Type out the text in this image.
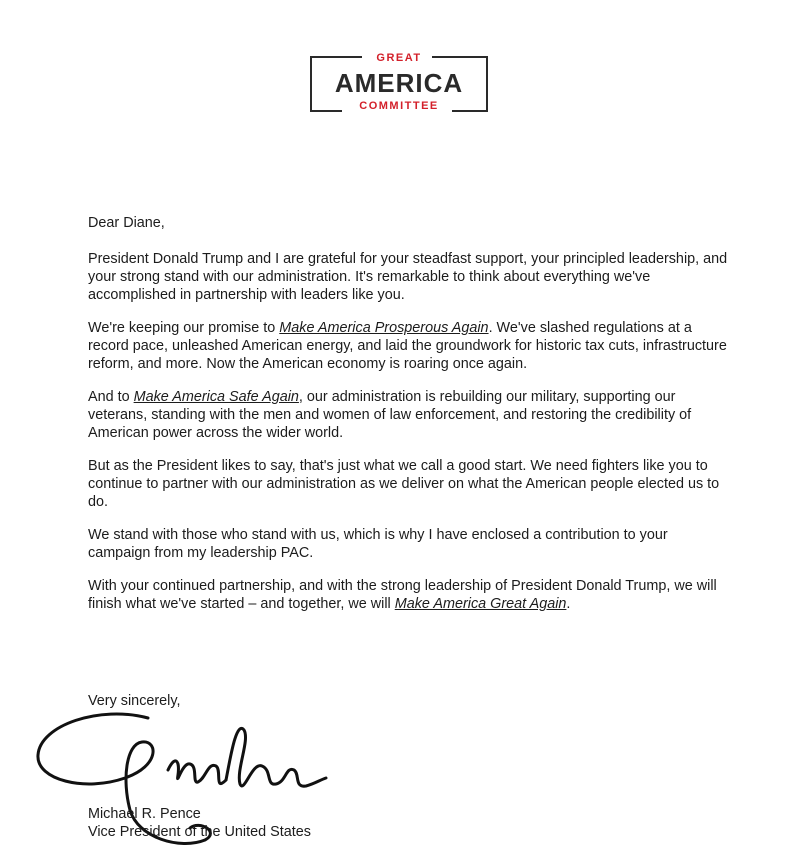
GREAT
AMERICA
COMMITTEE

Dear Diane,

President Donald Trump and I are grateful for your steadfast support, your principled leadership, and your strong stand with our administration. It's remarkable to think about everything we've accomplished in partnership with leaders like you.

We're keeping our promise to Make America Prosperous Again. We've slashed regulations at a record pace, unleashed American energy, and laid the groundwork for historic tax cuts, infrastructure reform, and more. Now the American economy is roaring once again.

And to Make America Safe Again, our administration is rebuilding our military, supporting our veterans, standing with the men and women of law enforcement, and restoring the credibility of American power across the wider world.

But as the President likes to say, that's just what we call a good start. We need fighters like you to continue to partner with our administration as we deliver on what the American people elected us to do.

We stand with those who stand with us, which is why I have enclosed a contribution to your campaign from my leadership PAC.

With your continued partnership, and with the strong leadership of President Donald Trump, we will finish what we've started – and together, we will Make America Great Again.

Very sincerely,
Michael R. Pence
Vice President of the United States
